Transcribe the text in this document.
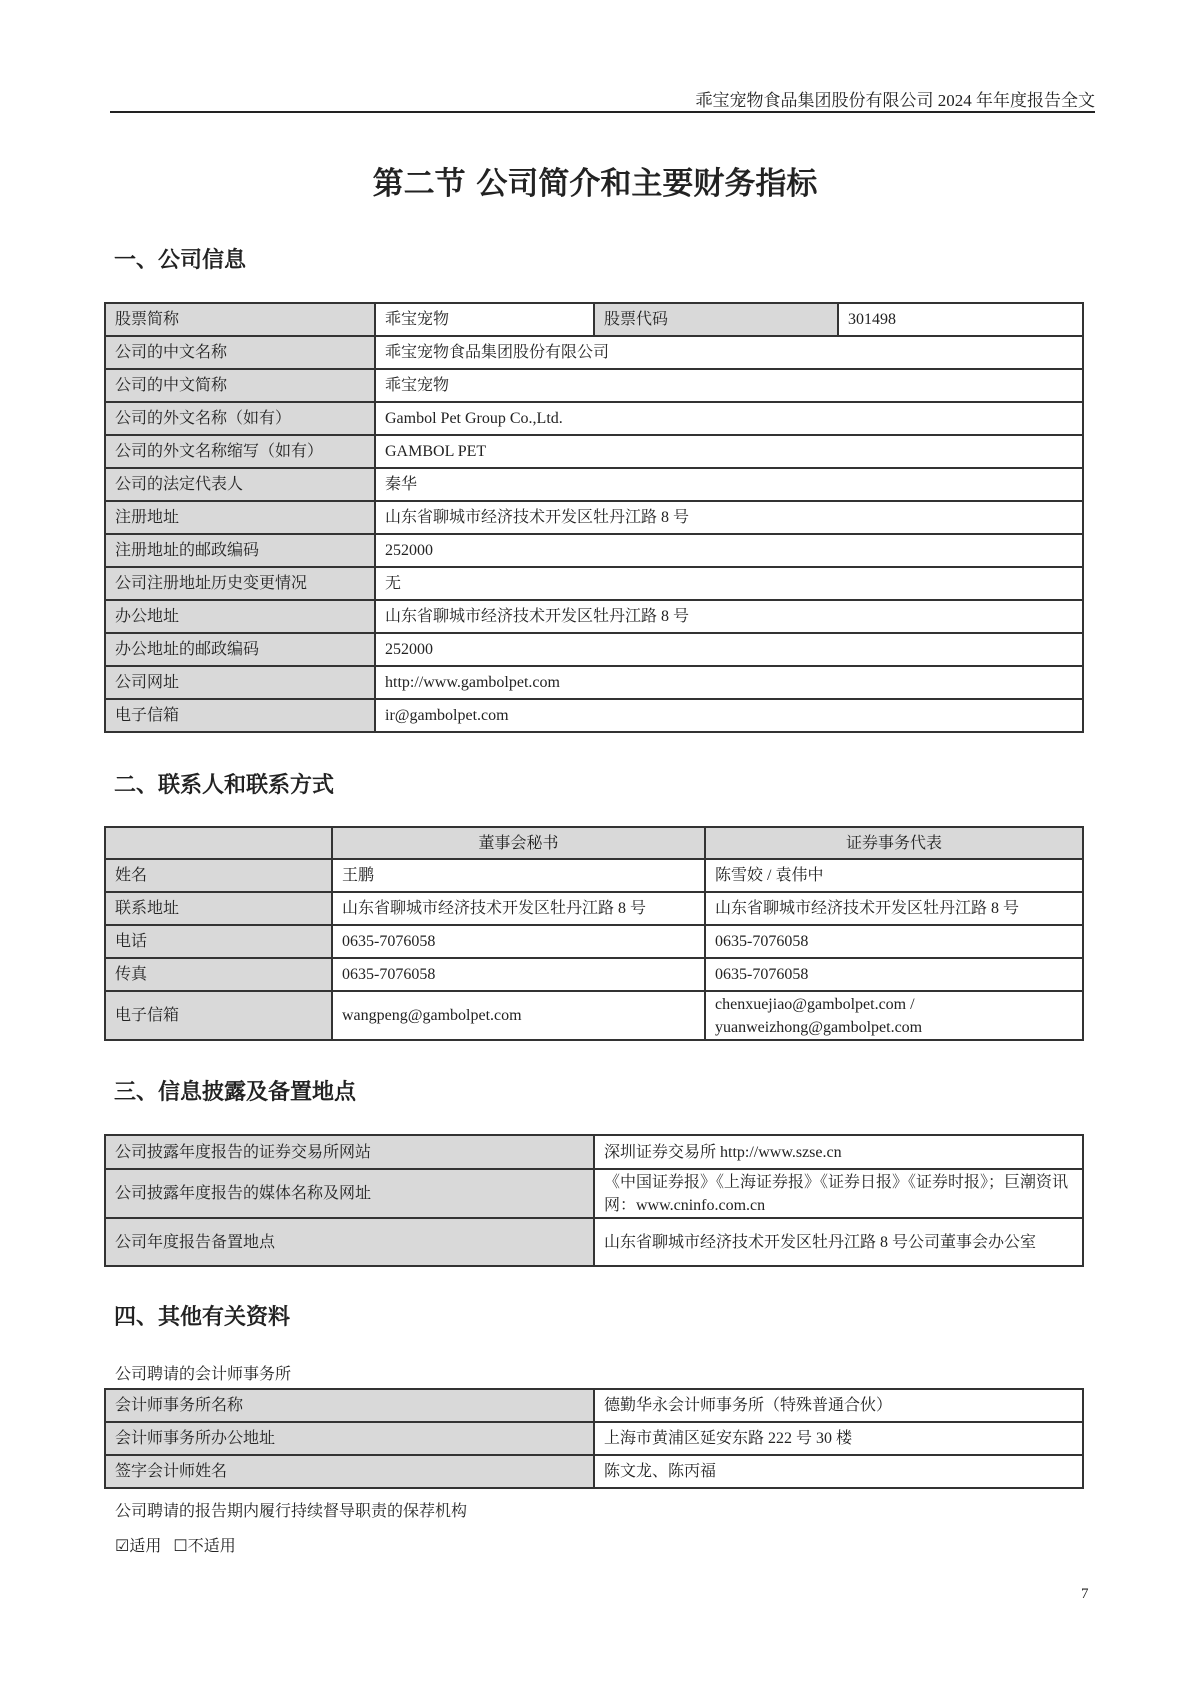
乖宝宠物食品集团股份有限公司 2024 年年度报告全文
第二节 公司简介和主要财务指标
一、公司信息
股票简称	乖宝宠物	股票代码	301498
公司的中文名称	乖宝宠物食品集团股份有限公司		
公司的中文简称	乖宝宠物		
公司的外文名称（如有）	Gambol Pet Group Co.,Ltd.		
公司的外文名称缩写（如有）	GAMBOL PET		
公司的法定代表人	秦华		
注册地址	山东省聊城市经济技术开发区牡丹江路 8 号		
注册地址的邮政编码	252000		
公司注册地址历史变更情况	无		
办公地址	山东省聊城市经济技术开发区牡丹江路 8 号		
办公地址的邮政编码	252000		
公司网址	http://www.gambolpet.com		
电子信箱	ir@gambolpet.com		
二、联系人和联系方式
	董事会秘书	证券事务代表
姓名	王鹏	陈雪姣 / 袁伟中
联系地址	山东省聊城市经济技术开发区牡丹江路 8 号	山东省聊城市经济技术开发区牡丹江路 8 号
电话	0635-7076058	0635-7076058
传真	0635-7076058	0635-7076058
电子信箱	wangpeng@gambolpet.com	chenxuejiao@gambolpet.com / yuanweizhong@gambolpet.com
三、信息披露及备置地点
公司披露年度报告的证券交易所网站	深圳证券交易所 http://www.szse.cn
公司披露年度报告的媒体名称及网址	《中国证券报》《上海证券报》《证券日报》《证券时报》；巨潮资讯网：www.cninfo.com.cn
公司年度报告备置地点	山东省聊城市经济技术开发区牡丹江路 8 号公司董事会办公室
四、其他有关资料
公司聘请的会计师事务所
会计师事务所名称	德勤华永会计师事务所（特殊普通合伙）
会计师事务所办公地址	上海市黄浦区延安东路 222 号 30 楼
签字会计师姓名	陈文龙、陈丙福
公司聘请的报告期内履行持续督导职责的保荐机构
☑适用 ☐不适用
7
